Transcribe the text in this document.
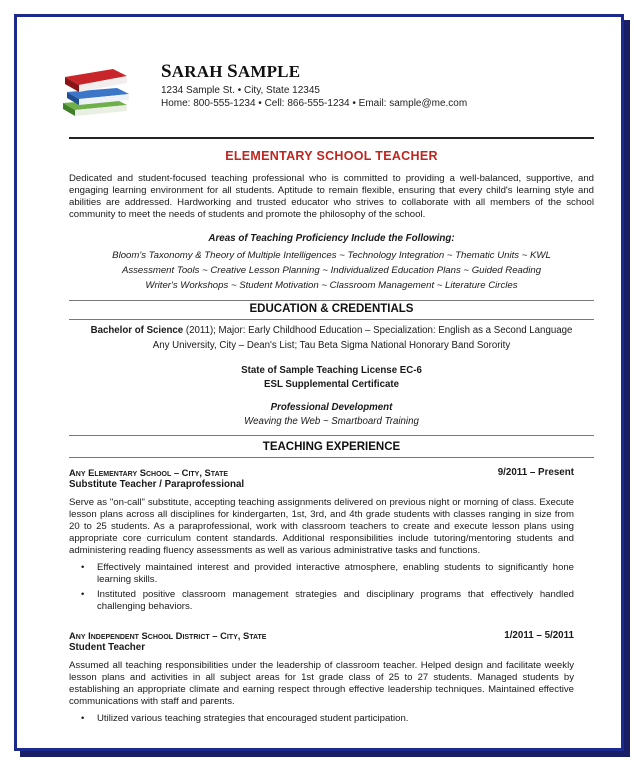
SARAH SAMPLE
1234 Sample St. • City, State 12345
Home: 800-555-1234 • Cell: 866-555-1234 • Email: sample@me.com
ELEMENTARY SCHOOL TEACHER
Dedicated and student-focused teaching professional who is committed to providing a well-balanced, supportive, and engaging learning environment for all students. Aptitude to remain flexible, ensuring that every child's learning style and abilities are addressed. Hardworking and trusted educator who strives to collaborate with all members of the school community to meet the needs of students and promote the philosophy of the school.
Areas of Teaching Proficiency Include the Following:
Bloom's Taxonomy & Theory of Multiple Intelligences ~ Technology Integration ~ Thematic Units ~ KWL
Assessment Tools ~ Creative Lesson Planning ~ Individualized Education Plans ~ Guided Reading
Writer's Workshops ~ Student Motivation ~ Classroom Management ~ Literature Circles
EDUCATION & CREDENTIALS
Bachelor of Science (2011); Major: Early Childhood Education – Specialization: English as a Second Language
Any University, City – Dean's List; Tau Beta Sigma National Honorary Band Sorority
State of Sample Teaching License EC-6
ESL Supplemental Certificate
Professional Development
Weaving the Web ~ Smartboard Training
TEACHING EXPERIENCE
Any Elementary School – City, State	9/2011 – Present
Substitute Teacher / Paraprofessional
Serve as "on-call" substitute, accepting teaching assignments delivered on previous night or morning of class. Execute lesson plans across all disciplines for kindergarten, 1st, 3rd, and 4th grade students with classes ranging in size from 20 to 25 students. As a paraprofessional, work with classroom teachers to create and execute lesson plans using appropriate core curriculum content standards. Additional responsibilities include tutoring/mentoring students and administering reading fluency assessments as well as various administrative tasks and functions.
• Effectively maintained interest and provided interactive atmosphere, enabling students to significantly hone learning skills.
• Instituted positive classroom management strategies and disciplinary programs that effectively handled challenging behaviors.
Any Independent School District – City, State	1/2011 – 5/2011
Student Teacher
Assumed all teaching responsibilities under the leadership of classroom teacher. Helped design and facilitate weekly lesson plans and activities in all subject areas for 1st grade class of 25 to 27 students. Managed students by establishing an appropriate climate and earning respect through effective leadership techniques. Maintained effective communications with staff and parents.
• Utilized various teaching strategies that encouraged student participation.
